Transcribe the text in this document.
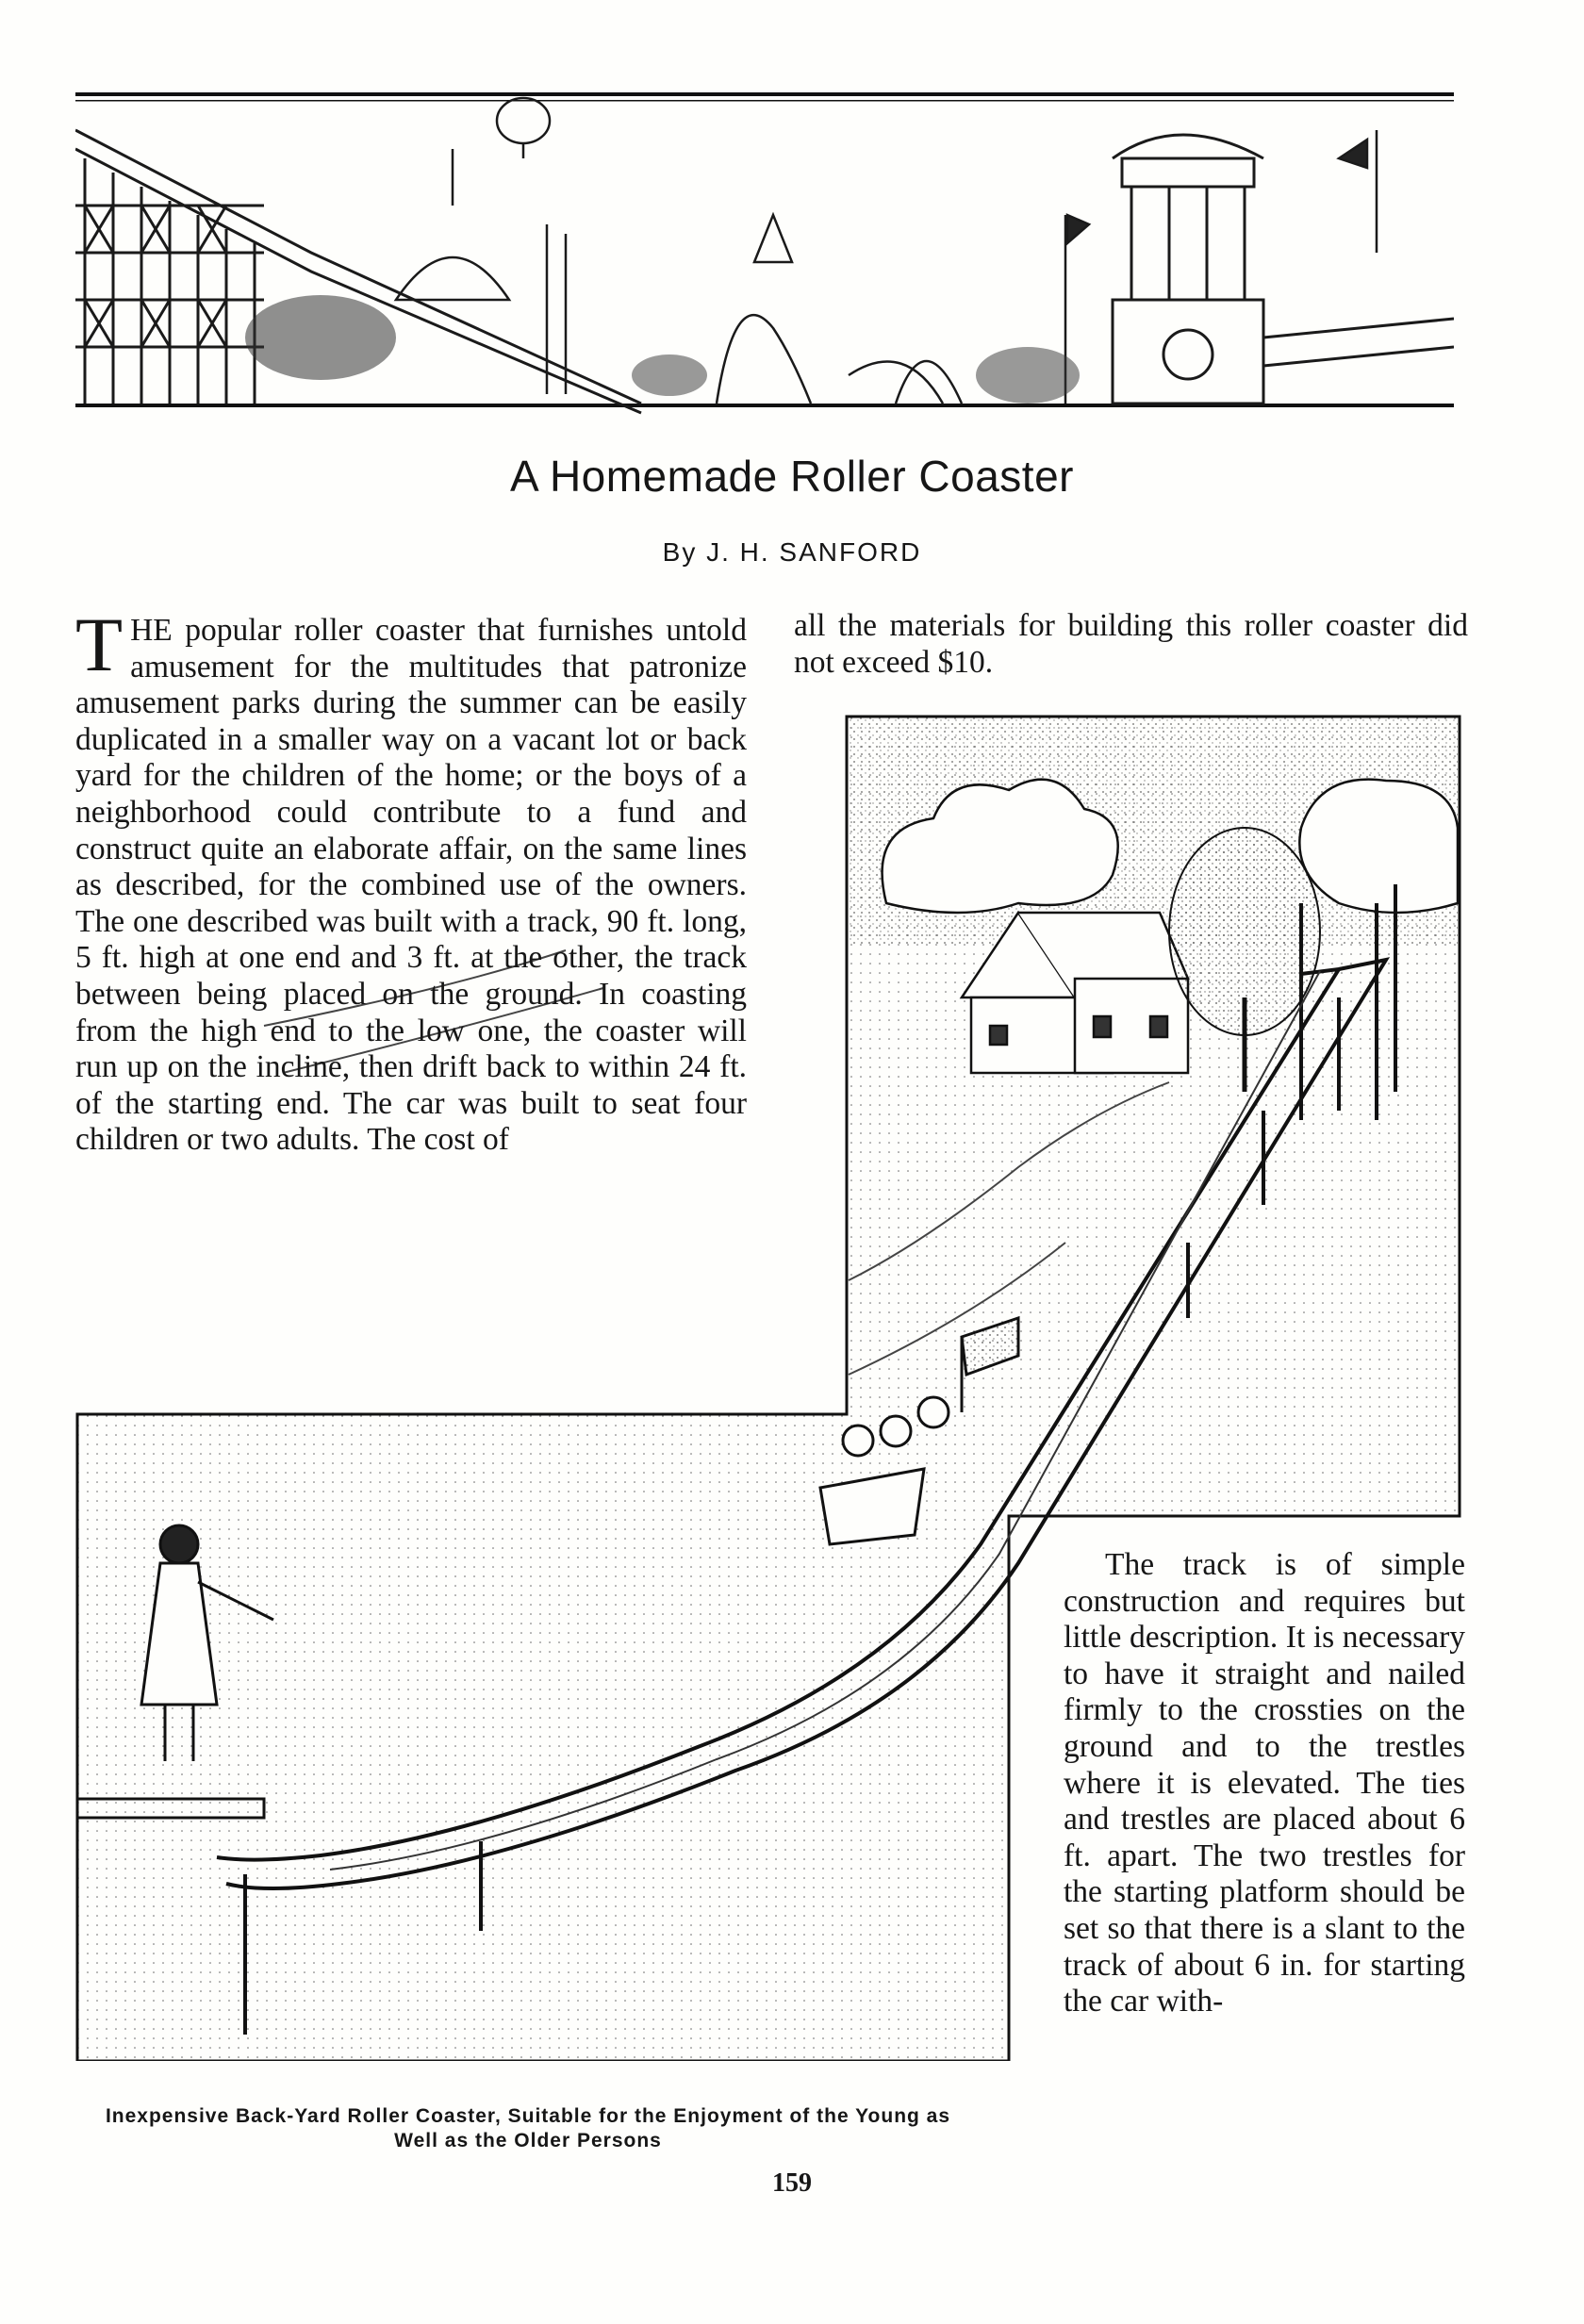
A Homemade Roller Coaster
By J. H. SANFORD

THE popular roller coaster that furnishes untold amusement for the multitudes that patronize amusement parks during the summer can be easily duplicated in a smaller way on a vacant lot or back yard for the children of the home; or the boys of a neighborhood could contribute to a fund and construct quite an elaborate affair, on the same lines as described, for the combined use of the owners. The one described was built with a track, 90 ft. long, 5 ft. high at one end and 3 ft. at the other, the track between being placed on the ground. In coasting from the high end to the low one, the coaster will run up on the incline, then drift back to within 24 ft. of the starting end. The car was built to seat four children or two adults. The cost of

all the materials for building this roller coaster did not exceed $10.

The track is of simple construction and requires but little description. It is necessary to have it straight and nailed firmly to the crossties on the ground and to the trestles where it is elevated. The ties and trestles are placed about 6 ft. apart. The two trestles for the starting platform should be set so that there is a slant to the track of about 6 in. for starting the car with-

Inexpensive Back-Yard Roller Coaster, Suitable for the Enjoyment of the Young as Well as the Older Persons
159
